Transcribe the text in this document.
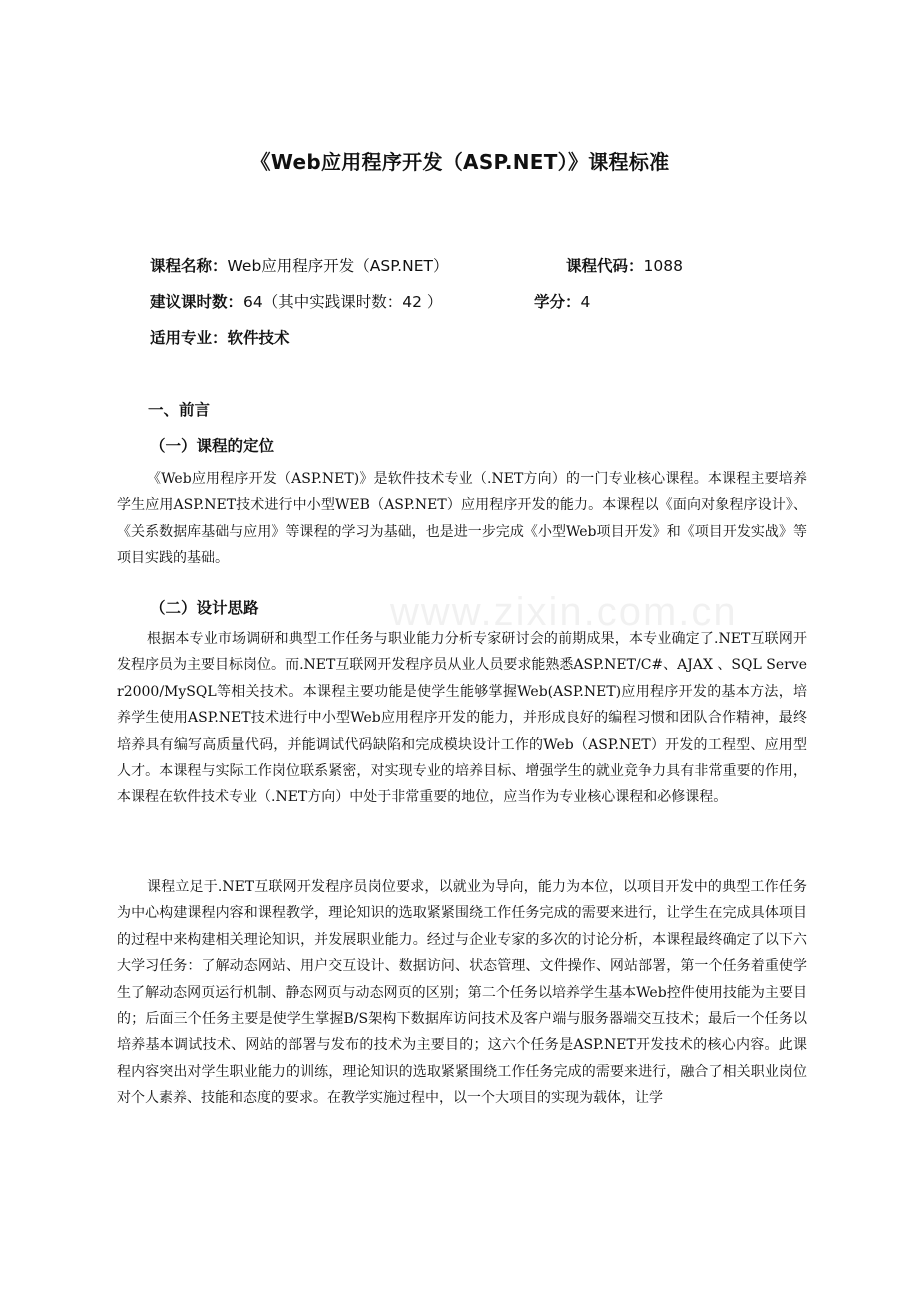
《Web应用程序开发（ASP.NET）》课程标准
课程名称：Web应用程序开发（ASP.NET）	课程代码：1088
建议课时数：64（其中实践课时数：42 ）	学分：4
适用专业：软件技术
一、前言
（一）课程的定位
《Web应用程序开发（ASP.NET)》是软件技术专业（.NET方向）的一门专业核心课程。本课程主要培养学生应用ASP.NET技术进行中小型WEB（ASP.NET）应用程序开发的能力。本课程以《面向对象程序设计》、《关系数据库基础与应用》等课程的学习为基础，也是进一步完成《小型Web项目开发》和《项目开发实战》等项目实践的基础。
（二）设计思路
根据本专业市场调研和典型工作任务与职业能力分析专家研讨会的前期成果，本专业确定了.NET互联网开发程序员为主要目标岗位。而.NET互联网开发程序员从业人员要求能熟悉ASP.NET/C#、AJAX 、SQL Server2000/MySQL等相关技术。本课程主要功能是使学生能够掌握Web(ASP.NET)应用程序开发的基本方法，培养学生使用ASP.NET技术进行中小型Web应用程序开发的能力，并形成良好的编程习惯和团队合作精神，最终培养具有编写高质量代码，并能调试代码缺陷和完成模块设计工作的Web（ASP.NET）开发的工程型、应用型人才。本课程与实际工作岗位联系紧密，对实现专业的培养目标、增强学生的就业竞争力具有非常重要的作用，本课程在软件技术专业（.NET方向）中处于非常重要的地位，应当作为专业核心课程和必修课程。
课程立足于.NET互联网开发程序员岗位要求，以就业为导向，能力为本位，以项目开发中的典型工作任务为中心构建课程内容和课程教学，理论知识的选取紧紧围绕工作任务完成的需要来进行，让学生在完成具体项目的过程中来构建相关理论知识，并发展职业能力。经过与企业专家的多次的讨论分析，本课程最终确定了以下六大学习任务：了解动态网站、用户交互设计、数据访问、状态管理、文件操作、网站部署，第一个任务着重使学生了解动态网页运行机制、静态网页与动态网页的区别；第二个任务以培养学生基本Web控件使用技能为主要目的；后面三个任务主要是使学生掌握B/S架构下数据库访问技术及客户端与服务器端交互技术；最后一个任务以培养基本调试技术、网站的部署与发布的技术为主要目的；这六个任务是ASP.NET开发技术的核心内容。此课程内容突出对学生职业能力的训练，理论知识的选取紧紧围绕工作任务完成的需要来进行，融合了相关职业岗位对个人素养、技能和态度的要求。在教学实施过程中，以一个大项目的实现为载体，让学
www.zixin.com.cn
